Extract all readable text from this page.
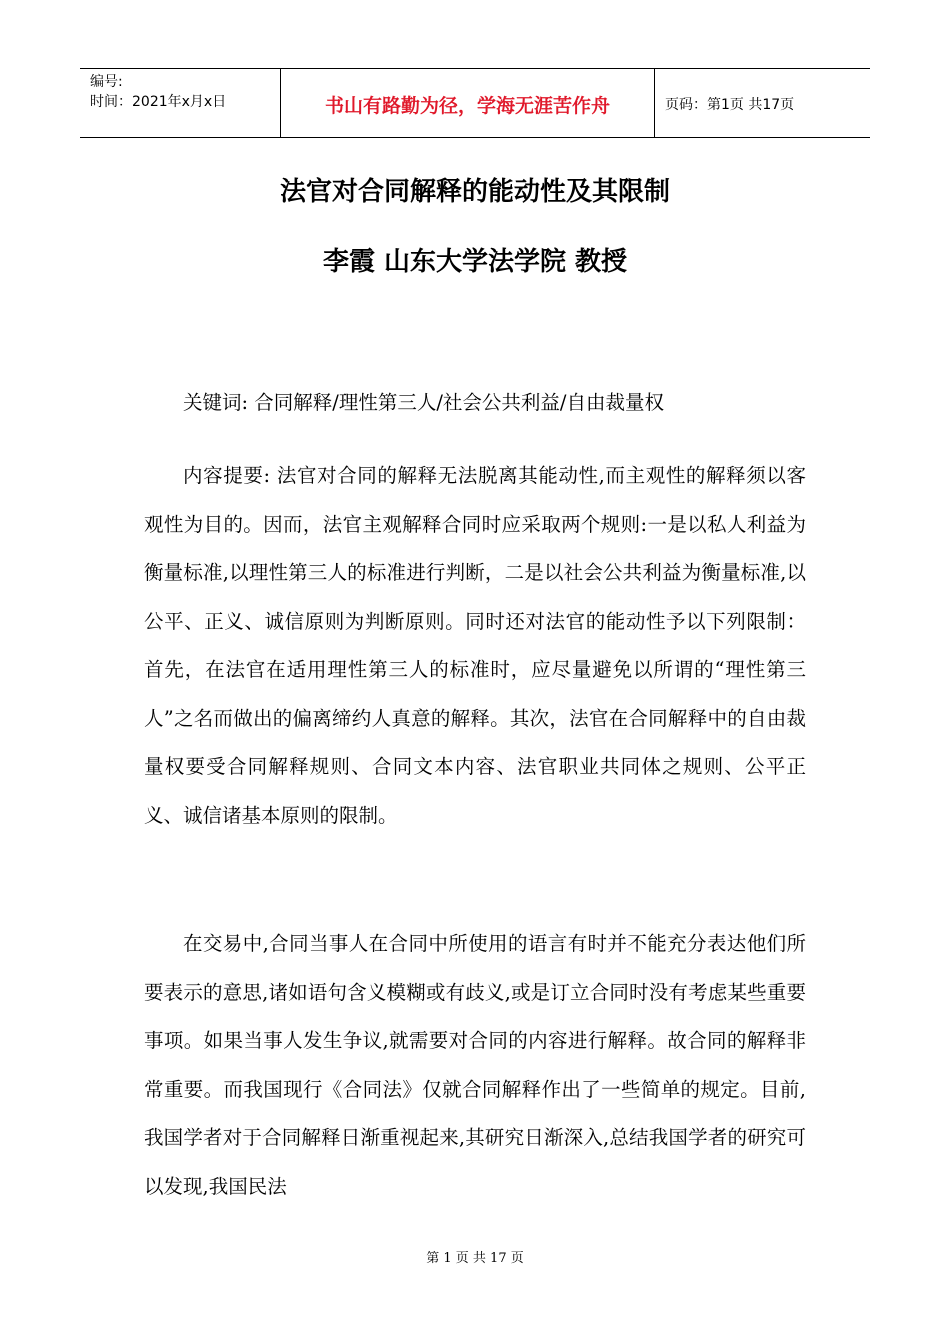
编号:
时间：2021年x月x日	书山有路勤为径，学海无涯苦作舟	页码：第1页 共17页
法官对合同解释的能动性及其限制
李霞 山东大学法学院 教授

关键词: 合同解释/理性第三人/社会公共利益/自由裁量权

内容提要: 法官对合同的解释无法脱离其能动性,而主观性的解释须以客观性为目的。因而，法官主观解释合同时应采取两个规则:一是以私人利益为衡量标准,以理性第三人的标准进行判断，二是以社会公共利益为衡量标准,以公平、正义、诚信原则为判断原则。同时还对法官的能动性予以下列限制：首先，在法官在适用理性第三人的标准时，应尽量避免以所谓的“理性第三人”之名而做出的偏离缔约人真意的解释。其次，法官在合同解释中的自由裁量权要受合同解释规则、合同文本内容、法官职业共同体之规则、公平正义、诚信诸基本原则的限制。

在交易中,合同当事人在合同中所使用的语言有时并不能充分表达他们所要表示的意思,诸如语句含义模糊或有歧义,或是订立合同时没有考虑某些重要事项。如果当事人发生争议,就需要对合同的内容进行解释。故合同的解释非常重要。而我国现行《合同法》仅就合同解释作出了一些简单的规定。目前,我国学者对于合同解释日渐重视起来,其研究日渐深入,总结我国学者的研究可以发现,我国民法

第 1 页 共 17 页
